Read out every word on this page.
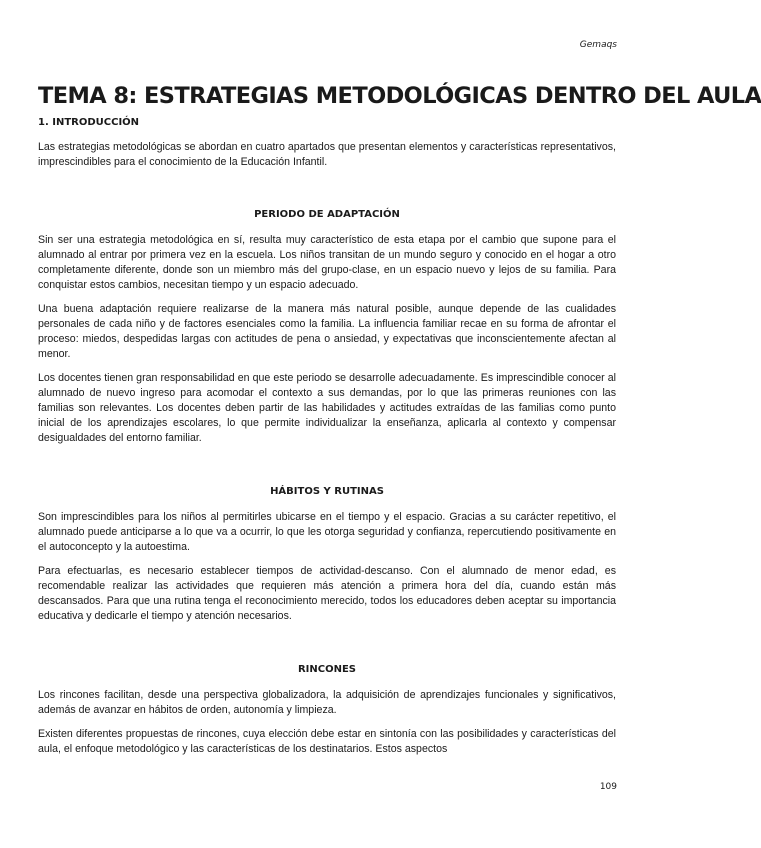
Gemaqs
TEMA 8: ESTRATEGIAS METODOLÓGICAS DENTRO DEL AULA
1. INTRODUCCIÓN

Las estrategias metodológicas se abordan en cuatro apartados que presentan elementos y características representativos, imprescindibles para el conocimiento de la Educación Infantil.

PERIODO DE ADAPTACIÓN

Sin ser una estrategia metodológica en sí, resulta muy característico de esta etapa por el cambio que supone para el alumnado al entrar por primera vez en la escuela. Los niños transitan de un mundo seguro y conocido en el hogar a otro completamente diferente, donde son un miembro más del grupo-clase, en un espacio nuevo y lejos de su familia. Para conquistar estos cambios, necesitan tiempo y un espacio adecuado.

Una buena adaptación requiere realizarse de la manera más natural posible, aunque depende de las cualidades personales de cada niño y de factores esenciales como la familia. La influencia familiar recae en su forma de afrontar el proceso: miedos, despedidas largas con actitudes de pena o ansiedad, y expectativas que inconscientemente afectan al menor.

Los docentes tienen gran responsabilidad en que este periodo se desarrolle adecuadamente. Es imprescindible conocer al alumnado de nuevo ingreso para acomodar el contexto a sus demandas, por lo que las primeras reuniones con las familias son relevantes. Los docentes deben partir de las habilidades y actitudes extraídas de las familias como punto inicial de los aprendizajes escolares, lo que permite individualizar la enseñanza, aplicarla al contexto y compensar desigualdades del entorno familiar.

HÁBITOS Y RUTINAS

Son imprescindibles para los niños al permitirles ubicarse en el tiempo y el espacio. Gracias a su carácter repetitivo, el alumnado puede anticiparse a lo que va a ocurrir, lo que les otorga seguridad y confianza, repercutiendo positivamente en el autoconcepto y la autoestima.

Para efectuarlas, es necesario establecer tiempos de actividad-descanso. Con el alumnado de menor edad, es recomendable realizar las actividades que requieren más atención a primera hora del día, cuando están más descansados. Para que una rutina tenga el reconocimiento merecido, todos los educadores deben aceptar su importancia educativa y dedicarle el tiempo y atención necesarios.

RINCONES

Los rincones facilitan, desde una perspectiva globalizadora, la adquisición de aprendizajes funcionales y significativos, además de avanzar en hábitos de orden, autonomía y limpieza.

Existen diferentes propuestas de rincones, cuya elección debe estar en sintonía con las posibilidades y características del aula, el enfoque metodológico y las características de los destinatarios. Estos aspectos

109
